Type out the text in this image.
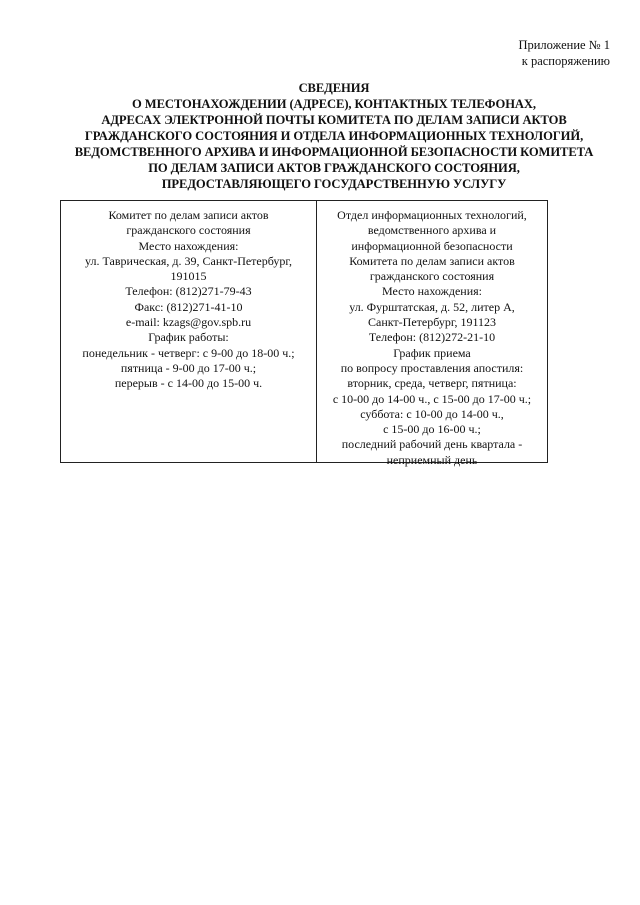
Приложение № 1
к распоряжению
СВЕДЕНИЯ
О МЕСТОНАХОЖДЕНИИ (АДРЕСЕ), КОНТАКТНЫХ ТЕЛЕФОНАХ,
АДРЕСАХ ЭЛЕКТРОННОЙ ПОЧТЫ КОМИТЕТА ПО ДЕЛАМ ЗАПИСИ АКТОВ
ГРАЖДАНСКОГО СОСТОЯНИЯ И ОТДЕЛА ИНФОРМАЦИОННЫХ ТЕХНОЛОГИЙ,
ВЕДОМСТВЕННОГО АРХИВА И ИНФОРМАЦИОННОЙ БЕЗОПАСНОСТИ КОМИТЕТА
ПО ДЕЛАМ ЗАПИСИ АКТОВ ГРАЖДАНСКОГО СОСТОЯНИЯ,
ПРЕДОСТАВЛЯЮЩЕГО ГОСУДАРСТВЕННУЮ УСЛУГУ
Комитет по делам записи актов
гражданского состояния
Место нахождения:
ул. Таврическая, д. 39, Санкт-Петербург,
191015
Телефон: (812)271-79-43
Факс: (812)271-41-10
e-mail: kzags@gov.spb.ru
График работы:
понедельник - четверг: с 9-00 до 18-00 ч.;
пятница - 9-00 до 17-00 ч.;
перерыв - с 14-00 до 15-00 ч.
Отдел информационных технологий,
ведомственного архива и
информационной безопасности
Комитета по делам записи актов
гражданского состояния
Место нахождения:
ул. Фурштатская, д. 52, литер А,
Санкт-Петербург, 191123
Телефон: (812)272-21-10
График приема
по вопросу проставления апостиля:
вторник, среда, четверг, пятница:
с 10-00 до 14-00 ч., с 15-00 до 17-00 ч.;
суббота: с 10-00 до 14-00 ч.,
с 15-00 до 16-00 ч.;
последний рабочий день квартала -
неприемный день
